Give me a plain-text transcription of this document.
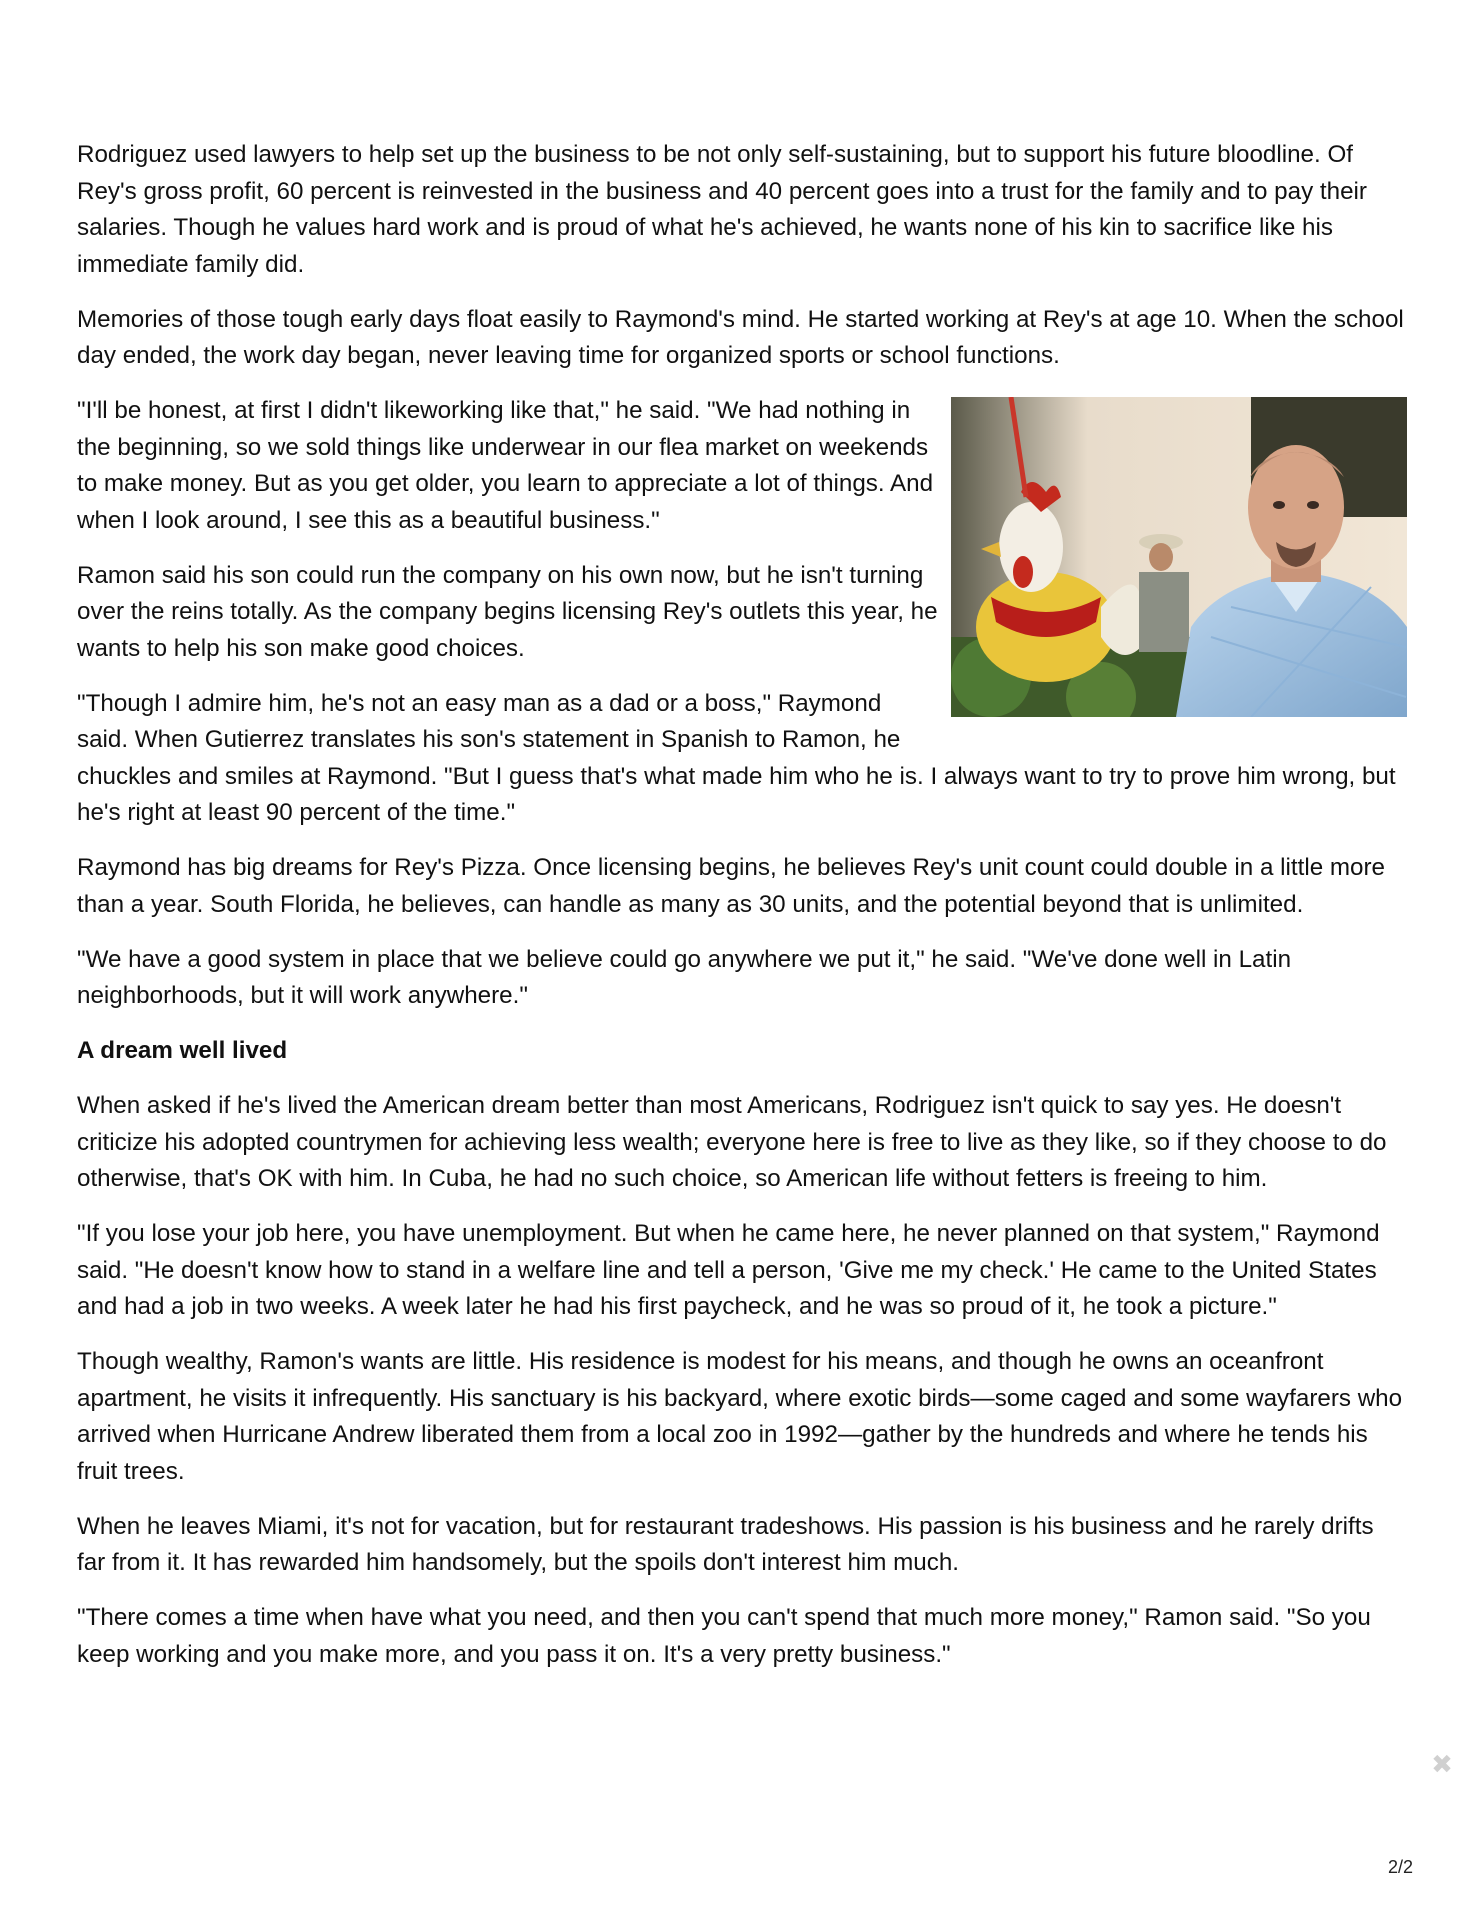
Rodriguez used lawyers to help set up the business to be not only self-sustaining, but to support his future bloodline. Of Rey's gross profit, 60 percent is reinvested in the business and 40 percent goes into a trust for the family and to pay their salaries. Though he values hard work and is proud of what he's achieved, he wants none of his kin to sacrifice like his immediate family did.

Memories of those tough early days float easily to Raymond's mind. He started working at Rey's at age 10. When the school day ended, the work day began, never leaving time for organized sports or school functions.

"I'll be honest, at first I didn't likeworking like that," he said. "We had nothing in the beginning, so we sold things like underwear in our flea market on weekends to make money. But as you get older, you learn to appreciate a lot of things. And when I look around, I see this as a beautiful business."

Ramon said his son could run the company on his own now, but he isn't turning over the reins totally. As the company begins licensing Rey's outlets this year, he wants to help his son make good choices.

"Though I admire him, he's not an easy man as a dad or a boss," Raymond said. When Gutierrez translates his son's statement in Spanish to Ramon, he chuckles and smiles at Raymond. "But I guess that's what made him who he is. I always want to try to prove him wrong, but he's right at least 90 percent of the time."

Raymond has big dreams for Rey's Pizza. Once licensing begins, he believes Rey's unit count could double in a little more than a year. South Florida, he believes, can handle as many as 30 units, and the potential beyond that is unlimited.

"We have a good system in place that we believe could go anywhere we put it," he said. "We've done well in Latin neighborhoods, but it will work anywhere."

A dream well lived

When asked if he's lived the American dream better than most Americans, Rodriguez isn't quick to say yes. He doesn't criticize his adopted countrymen for achieving less wealth; everyone here is free to live as they like, so if they choose to do otherwise, that's OK with him. In Cuba, he had no such choice, so American life without fetters is freeing to him.

"If you lose your job here, you have unemployment. But when he came here, he never planned on that system," Raymond said. "He doesn't know how to stand in a welfare line and tell a person, 'Give me my check.' He came to the United States and had a job in two weeks. A week later he had his first paycheck, and he was so proud of it, he took a picture."

Though wealthy, Ramon's wants are little. His residence is modest for his means, and though he owns an oceanfront apartment, he visits it infrequently. His sanctuary is his backyard, where exotic birds—some caged and some wayfarers who arrived when Hurricane Andrew liberated them from a local zoo in 1992—gather by the hundreds and where he tends his fruit trees.

When he leaves Miami, it's not for vacation, but for restaurant tradeshows. His passion is his business and he rarely drifts far from it. It has rewarded him handsomely, but the spoils don't interest him much.

"There comes a time when have what you need, and then you can't spend that much more money," Ramon said. "So you keep working and you make more, and you pass it on. It's a very pretty business."

✖
2/2
